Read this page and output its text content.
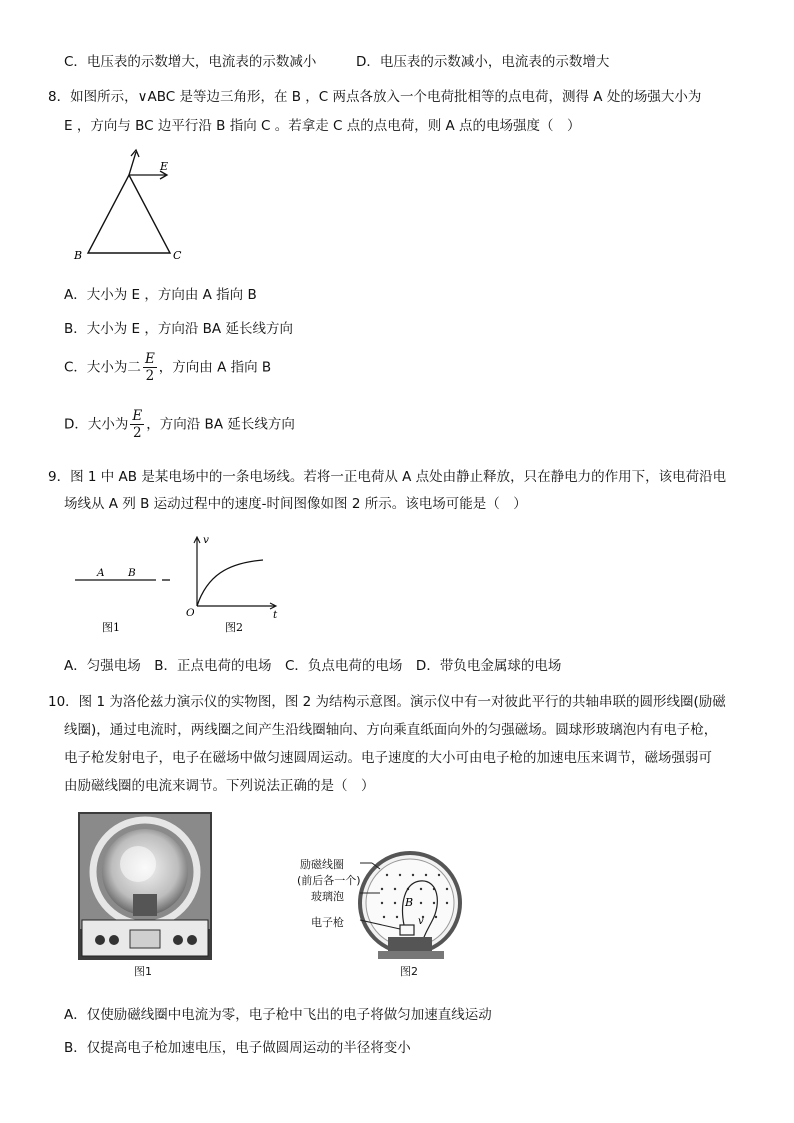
C．电压表的示数增大，电流表的示数减小	D．电压表的示数减小，电流表的示数增大
8．如图所示，∨ABC 是等边三角形，在 B ，C 两点各放入一个电荷批相等的点电荷，测得 A 处的场强大小为
E ，方向与 BC 边平行沿 B 指向 C 。若拿走 C 点的点电荷，则 A 点的电场强度（　）
E
B	C
A．大小为 E ，方向由 A 指向 B
B．大小为 E ，方向沿 BA 延长线方向
C．大小为二 $\frac{E}{2}$ ，方向由 A 指向 B
D．大小为 $\frac{E}{2}$ ，方向沿 BA 延长线方向
9．图 1 中 AB 是某电场中的一条电场线。若将一正电荷从 A 点处由静止释放，只在静电力的作用下，该电荷沿电
场线从 A 列 B 运动过程中的速度-时间图像如图 2 所示。该电场可能是（　）
A B
图1
v
O	t
图2
A．匀强电场　B．正点电荷的电场　C．负点电荷的电场　D．带负电金属球的电场
10．图 1 为洛伦兹力演示仪的实物图，图 2 为结构示意图。演示仪中有一对彼此平行的共轴串联的圆形线圈(励磁
线圈)，通过电流时，两线圈之间产生沿线圈轴向、方向乘直纸面向外的匀强磁场。圆球形玻璃泡内有电子枪，
电子枪发射电子，电子在磁场中做匀速圆周运动。电子速度的大小可由电子枪的加速电压来调节，磁场强弱可
由励磁线圈的电流来调节。下列说法正确的是（　）
图1
B
v
励磁线圈
(前后各一个)
玻璃泡
电子枪
图2
A．仅使励磁线圈中电流为零，电子枪中飞出的电子将做匀加速直线运动
B．仅提高电子枪加速电压，电子做圆周运动的半径将变小
